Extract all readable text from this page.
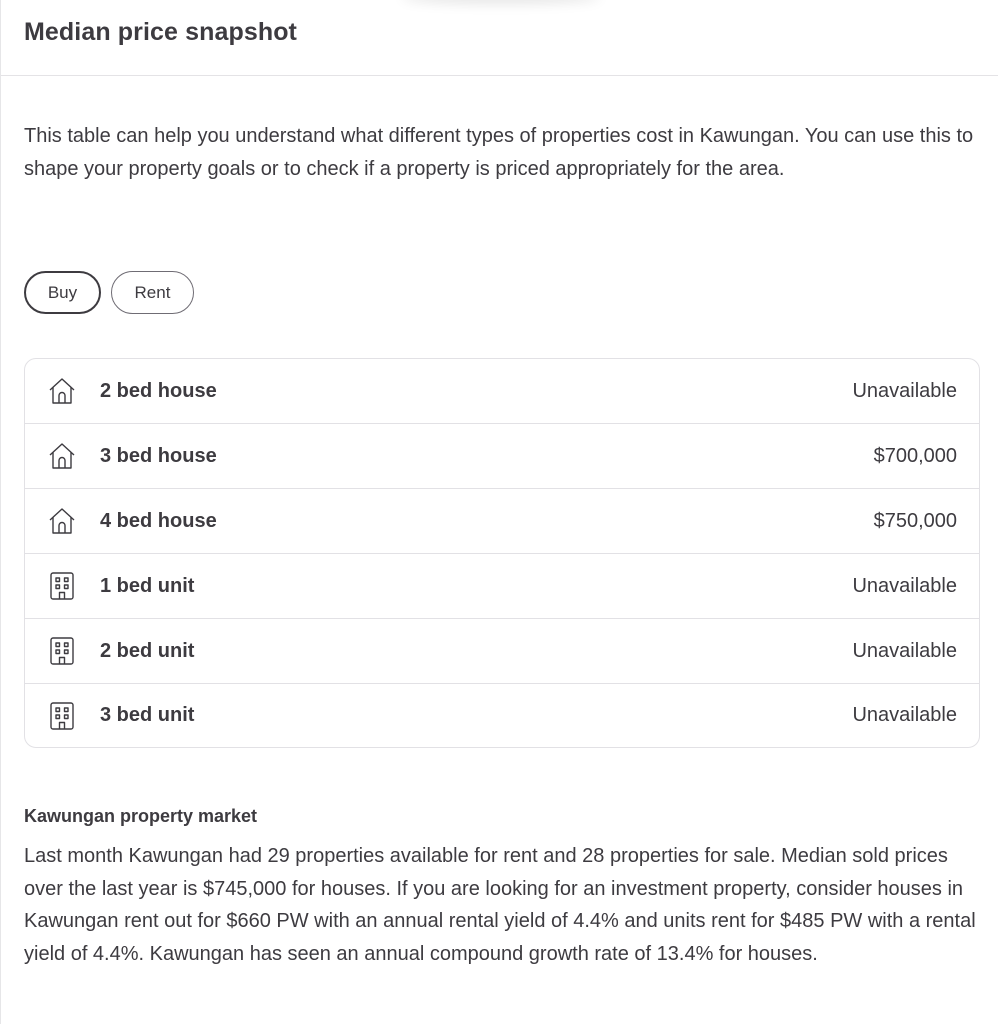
Median price snapshot

This table can help you understand what different types of properties cost in Kawungan. You can use this to shape your property goals or to check if a property is priced appropriately for the area.

Buy	Rent
2 bed house	Unavailable
3 bed house	$700,000
4 bed house	$750,000
1 bed unit	Unavailable
2 bed unit	Unavailable
3 bed unit	Unavailable
Kawungan property market

Last month Kawungan had 29 properties available for rent and 28 properties for sale. Median sold prices over the last year is $745,000 for houses. If you are looking for an investment property, consider houses in Kawungan rent out for $660 PW with an annual rental yield of 4.4% and units rent for $485 PW with a rental yield of 4.4%. Kawungan has seen an annual compound growth rate of 13.4% for houses.
